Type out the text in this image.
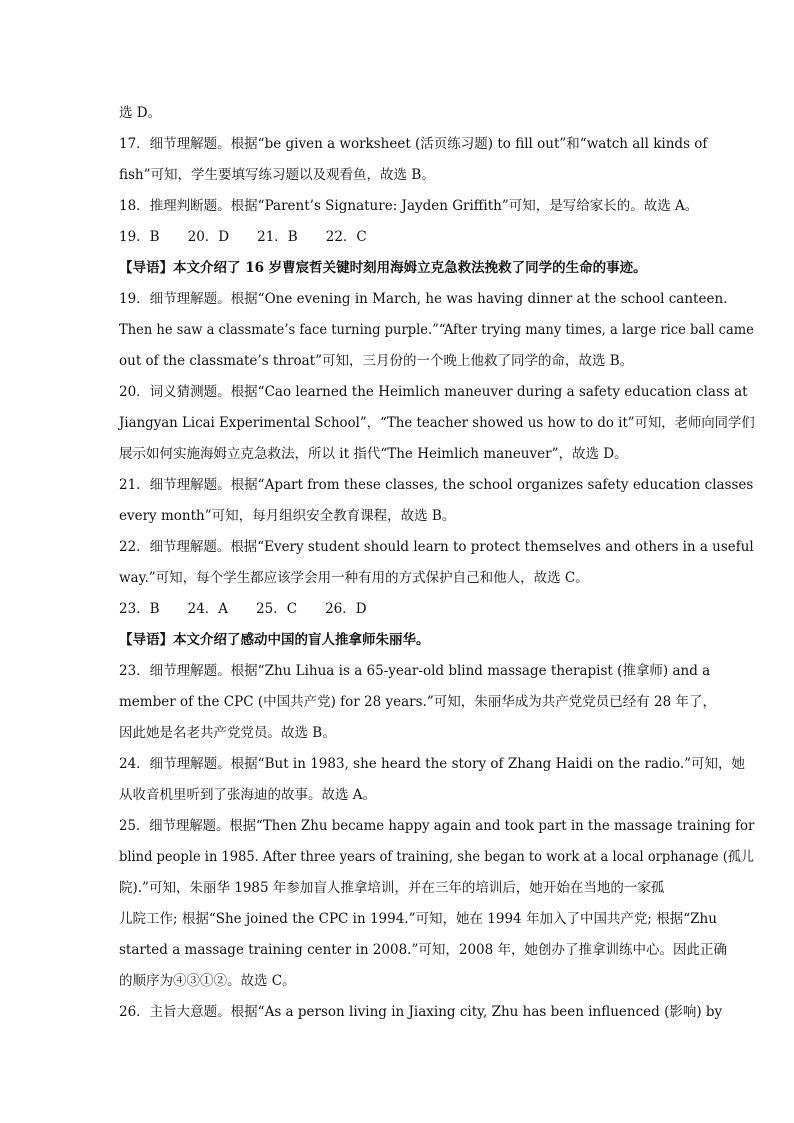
选 D。
17．细节理解题。根据“be given a worksheet (活页练习题) to fill out”和“watch all kinds of
fish”可知，学生要填写练习题以及观看鱼，故选 B。
18．推理判断题。根据“Parent’s Signature: Jayden Griffith”可知，是写给家长的。故选 A。
19．B 20．D 21．B 22．C
【导语】本文介绍了 16 岁曹宸哲关键时刻用海姆立克急救法挽救了同学的生命的事迹。
19．细节理解题。根据“One evening in March, he was having dinner at the school canteen.
Then he saw a classmate’s face turning purple.”“After trying many times, a large rice ball came
out of the classmate’s throat”可知，三月份的一个晚上他救了同学的命，故选 B。
20．词义猜测题。根据“Cao learned the Heimlich maneuver during a safety education class at
Jiangyan Licai Experimental School”，“The teacher showed us how to do it”可知，老师向同学们
展示如何实施海姆立克急救法，所以 it 指代“The Heimlich maneuver”，故选 D。
21．细节理解题。根据“Apart from these classes, the school organizes safety education classes
every month”可知，每月组织安全教育课程，故选 B。
22．细节理解题。根据“Every student should learn to protect themselves and others in a useful
way.”可知，每个学生都应该学会用一种有用的方式保护自己和他人，故选 C。
23．B 24．A 25．C 26．D
【导语】本文介绍了感动中国的盲人推拿师朱丽华。
23．细节理解题。根据“Zhu Lihua is a 65-year-old blind massage therapist (推拿师) and a
member of the CPC (中国共产党) for 28 years.”可知，朱丽华成为共产党党员已经有 28 年了，
因此她是名老共产党党员。故选 B。
24．细节理解题。根据“But in 1983, she heard the story of Zhang Haidi on the radio.”可知，她
从收音机里听到了张海迪的故事。故选 A。
25．细节理解题。根据“Then Zhu became happy again and took part in the massage training for
blind people in 1985. After three years of training, she began to work at a local orphanage (孤儿
院).”可知，朱丽华 1985 年参加盲人推拿培训，并在三年的培训后，她开始在当地的一家孤
儿院工作; 根据“She joined the CPC in 1994.”可知，她在 1994 年加入了中国共产党; 根据“Zhu
started a massage training center in 2008.”可知，2008 年，她创办了推拿训练中心。因此正确
的顺序为④③①②。故选 C。
26．主旨大意题。根据“As a person living in Jiaxing city, Zhu has been influenced (影响) by
